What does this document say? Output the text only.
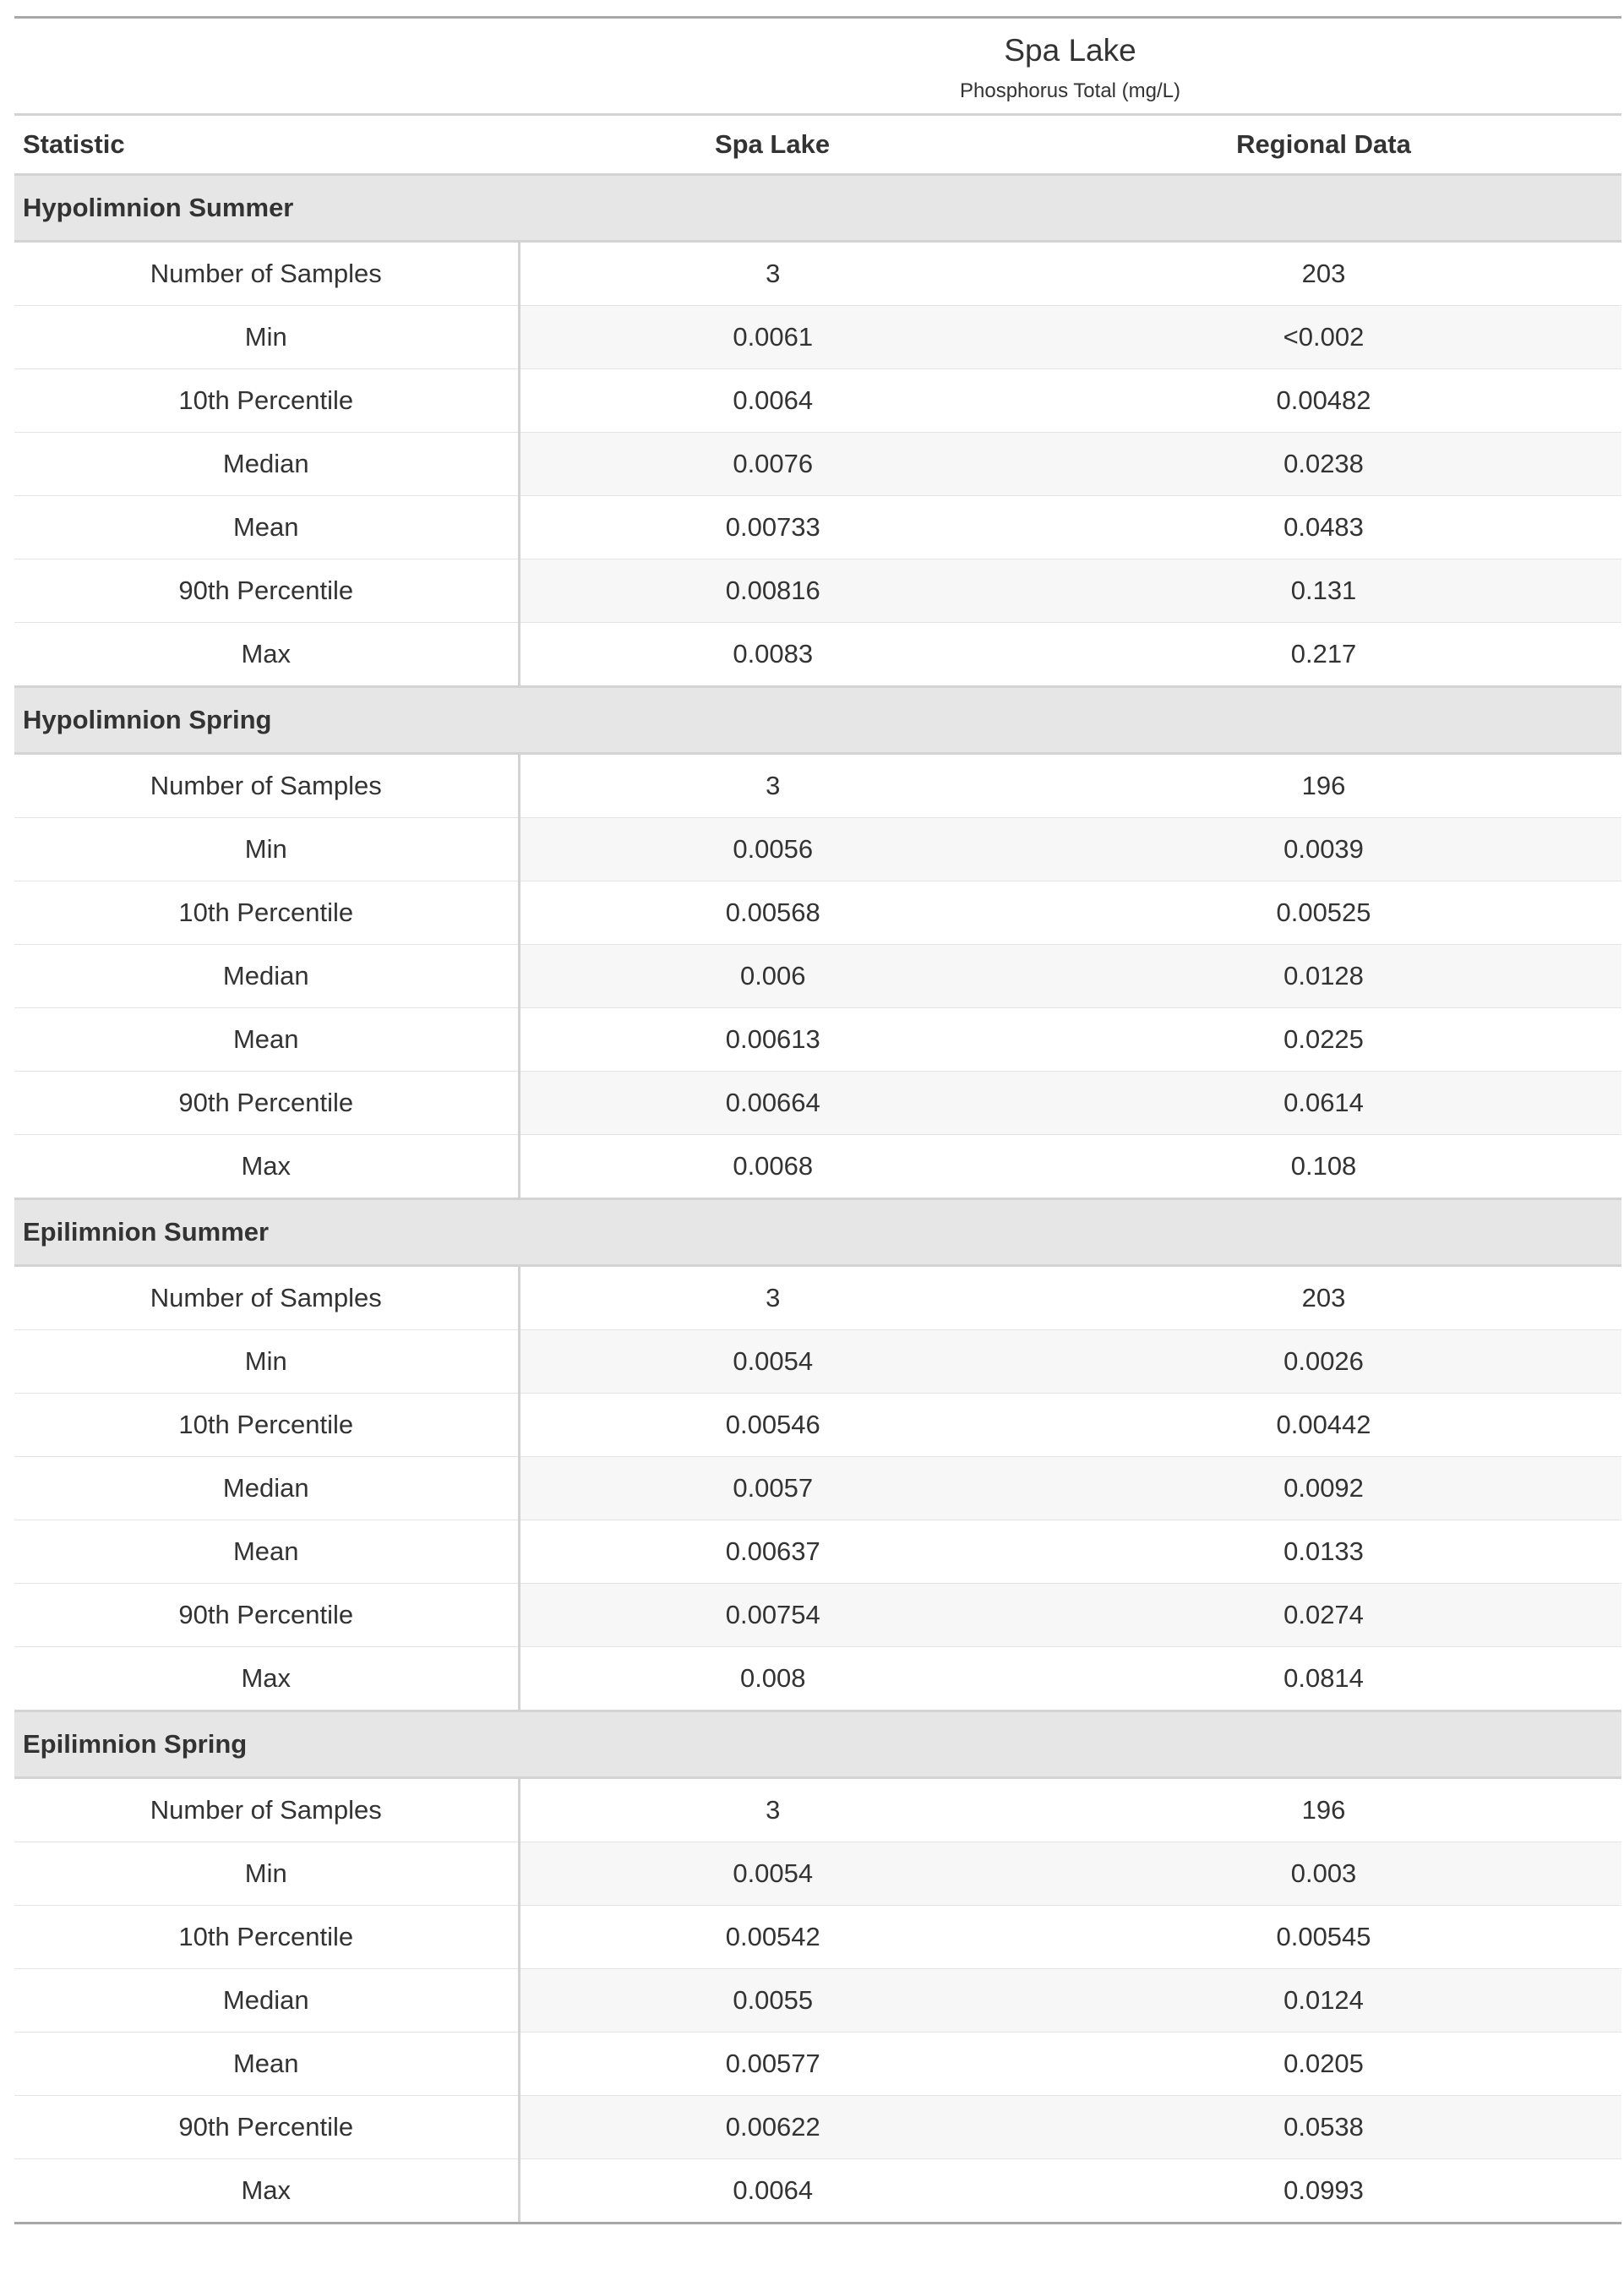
	Spa Lake	

	Phosphorus Total (mg/L)	
Statistic	Spa Lake	Regional Data
Hypolimnion Summer		
Number of Samples	3	203
Min	0.0061	<0.002
10th Percentile	0.0064	0.00482
Median	0.0076	0.0238
Mean	0.00733	0.0483
90th Percentile	0.00816	0.131
Max	0.0083	0.217
Hypolimnion Spring		
Number of Samples	3	196
Min	0.0056	0.0039
10th Percentile	0.00568	0.00525
Median	0.006	0.0128
Mean	0.00613	0.0225
90th Percentile	0.00664	0.0614
Max	0.0068	0.108
Epilimnion Summer		
Number of Samples	3	203
Min	0.0054	0.0026
10th Percentile	0.00546	0.00442
Median	0.0057	0.0092
Mean	0.00637	0.0133
90th Percentile	0.00754	0.0274
Max	0.008	0.0814
Epilimnion Spring		
Number of Samples	3	196
Min	0.0054	0.003
10th Percentile	0.00542	0.00545
Median	0.0055	0.0124
Mean	0.00577	0.0205
90th Percentile	0.00622	0.0538
Max	0.0064	0.0993
